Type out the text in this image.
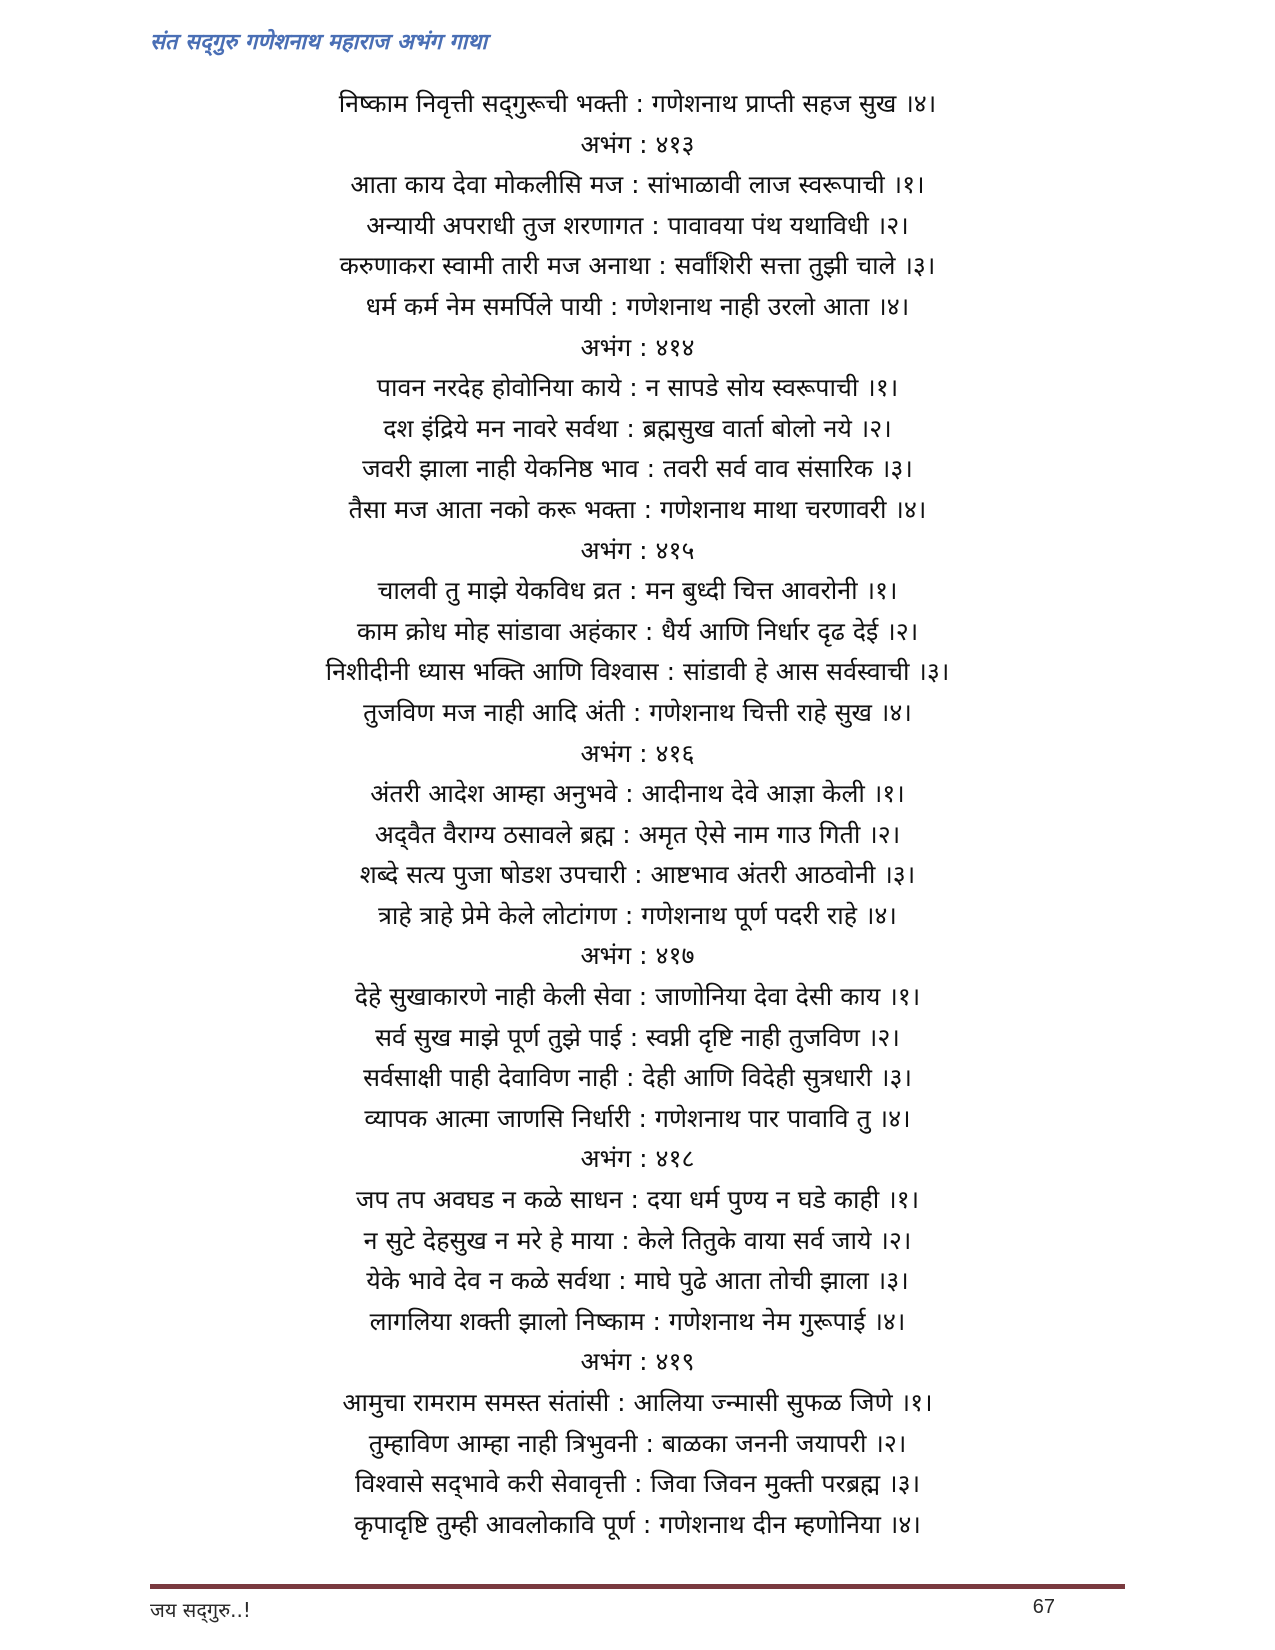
संत सद्‌गुरु गणेशनाथ महाराज अभंग गाथा
निष्काम निवृत्ती सद्‌गुरूची भक्ती : गणेशनाथ प्राप्ती सहज सुख ।४।
अभंग : ४१३
आता काय देवा मोकलीसि मज : सांभाळावी लाज स्वरूपाची ।१।
अन्यायी अपराधी तुज शरणागत : पावावया पंथ यथाविधी ।२।
करुणाकरा स्वामी तारी मज अनाथा : सर्वांशिरी सत्ता तुझी चाले ।३।
धर्म कर्म नेम समर्पिले पायी : गणेशनाथ नाही उरलो आता ।४।
अभंग : ४१४
पावन नरदेह होवोनिया काये : न सापडे सोय स्वरूपाची ।१।
दश इंद्रिये मन नावरे सर्वथा : ब्रह्मसुख वार्ता बोलो नये ।२।
जवरी झाला नाही येकनिष्ठ भाव : तवरी सर्व वाव संसारिक ।३।
तैसा मज आता नको करू भक्ता : गणेशनाथ माथा चरणावरी ।४।
अभंग : ४१५
चालवी तु माझे येकविध व्रत : मन बुध्दी चित्त आवरोनी ।१।
काम क्रोध मोह सांडावा अहंकार : धैर्य आणि निर्धार दृढ देई ।२।
निशीदीनी ध्यास भक्ति आणि विश्वास : सांडावी हे आस सर्वस्वाची ।३।
तुजविण मज नाही आदि अंती : गणेशनाथ चित्ती राहे सुख ।४।
अभंग : ४१६
अंतरी आदेश आम्हा अनुभवे : आदीनाथ देवे आज्ञा केली ।१।
अद्‌वैत वैराग्य ठसावले ब्रह्म : अमृत ऐसे नाम गाउ गिती ।२।
शब्दे सत्य पुजा षोडश उपचारी : आष्टभाव अंतरी आठवोनी ।३।
त्राहे त्राहे प्रेमे केले लोटांगण : गणेशनाथ पूर्ण पदरी राहे ।४।
अभंग : ४१७
देहे सुखाकारणे नाही केली सेवा : जाणोनिया देवा देसी काय ।१।
सर्व सुख माझे पूर्ण तुझे पाई : स्वप्नी दृष्टि नाही तुजविण ।२।
सर्वसाक्षी पाही देवाविण नाही : देही आणि विदेही सुत्रधारी ।३।
व्यापक आत्मा जाणसि निर्धारी : गणेशनाथ पार पावावि तु ।४।
अभंग : ४१८
जप तप अवघड न कळे साधन : दया धर्म पुण्य न घडे काही ।१।
न सुटे देहसुख न मरे हे माया : केले तितुके वाया सर्व जाये ।२।
येके भावे देव न कळे सर्वथा : माघे पुढे आता तोची झाला ।३।
लागलिया शक्ती झालो निष्काम : गणेशनाथ नेम गुरूपाई ।४।
अभंग : ४१९
आमुचा रामराम समस्त संतांसी : आलिया ज्न्मासी सुफळ जिणे ।१।
तुम्हाविण आम्हा नाही त्रिभुवनी : बाळका जननी जयापरी ।२।
विश्वासे सद्‌भावे करी सेवावृत्ती : जिवा जिवन मुक्ती परब्रह्म ।३।
कृपादृष्टि तुम्ही आवलोकावि पूर्ण : गणेशनाथ दीन म्हणोनिया ।४।
जय सद्‌गुरु..!	67
